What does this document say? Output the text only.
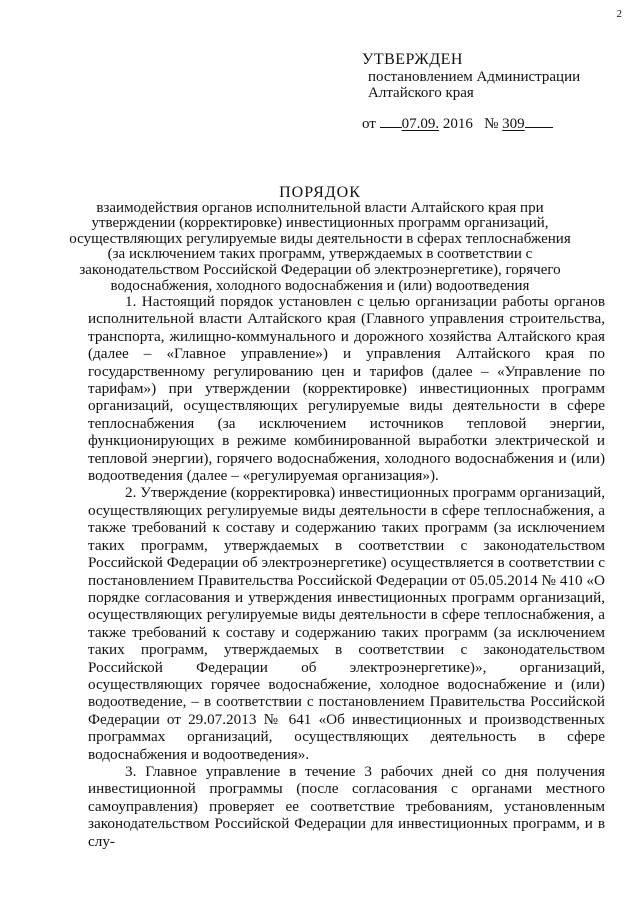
2
УТВЕРЖДЕН
постановлением Администрации
Алтайского края
от 07.09. 2016 № 309
ПОРЯДОК
взаимодействия органов исполнительной власти Алтайского края при утверждении (корректировке) инвестиционных программ организаций, осуществляющих регулируемые виды деятельности в сферах теплоснабжения (за исключением таких программ, утверждаемых в соответствии с законодательством Российской Федерации об электроэнергетике), горячего водоснабжения, холодного водоснабжения и (или) водоотведения

1. Настоящий порядок установлен с целью организации работы органов исполнительной власти Алтайского края (Главного управления строительства, транспорта, жилищно-коммунального и дорожного хозяйства Алтайского края (далее – «Главное управление») и управления Алтайского края по государственному регулированию цен и тарифов (далее – «Управление по тарифам») при утверждении (корректировке) инвестиционных программ организаций, осуществляющих регулируемые виды деятельности в сфере теплоснабжения (за исключением источников тепловой энергии, функционирующих в режиме комбинированной выработки электрической и тепловой энергии), горячего водоснабжения, холодного водоснабжения и (или) водоотведения (далее – «регулируемая организация»).

2. Утверждение (корректировка) инвестиционных программ организаций, осуществляющих регулируемые виды деятельности в сфере теплоснабжения, а также требований к составу и содержанию таких программ (за исключением таких программ, утверждаемых в соответствии с законодательством Российской Федерации об электроэнергетике) осуществляется в соответствии с постановлением Правительства Российской Федерации от 05.05.2014 № 410 «О порядке согласования и утверждения инвестиционных программ организаций, осуществляющих регулируемые виды деятельности в сфере теплоснабжения, а также требований к составу и содержанию таких программ (за исключением таких программ, утверждаемых в соответствии с законодательством Российской Федерации об электроэнергетике)», организаций, осуществляющих горячее водоснабжение, холодное водоснабжение и (или) водоотведение, – в соответствии с постановлением Правительства Российской Федерации от 29.07.2013 № 641 «Об инвестиционных и производственных программах организаций, осуществляющих деятельность в сфере водоснабжения и водоотведения».

3. Главное управление в течение 3 рабочих дней со дня получения инвестиционной программы (после согласования с органами местного самоуправления) проверяет ее соответствие требованиям, установленным законодательством Российской Федерации для инвестиционных программ, и в слу-
